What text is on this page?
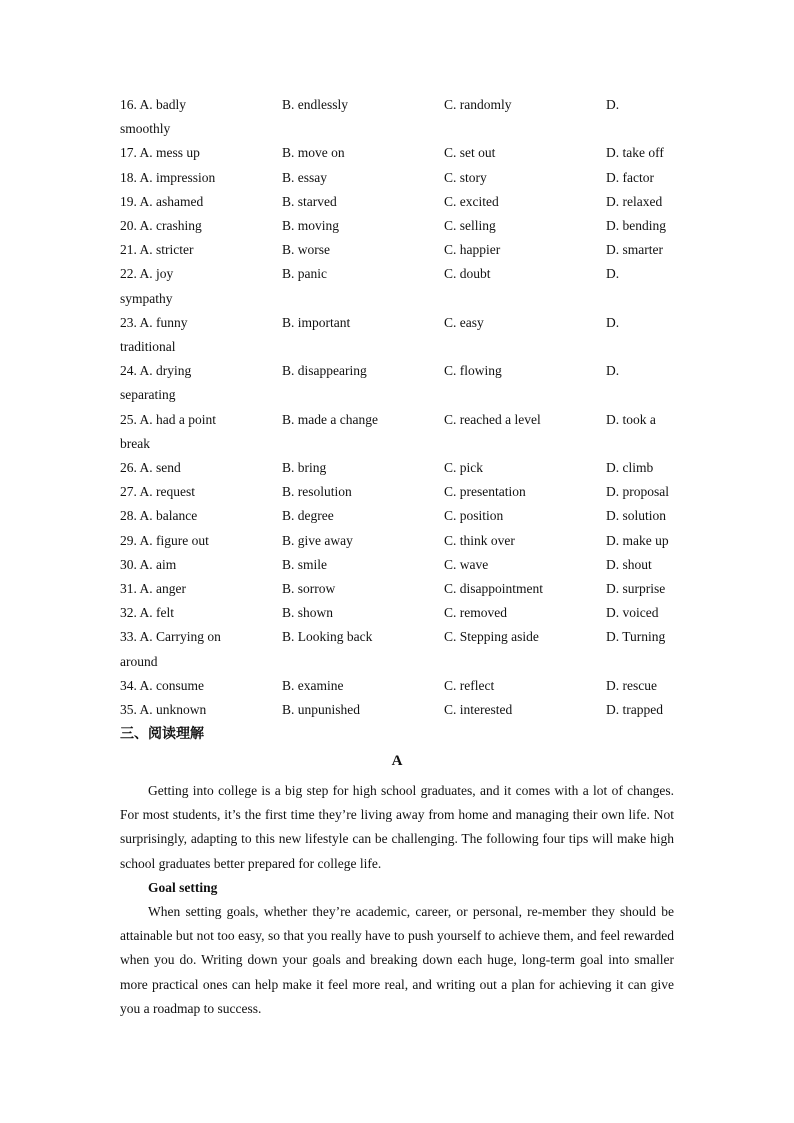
16. A. badly	B. endlessly	C. randomly	D.
smoothly
17. A. mess up	B. move on	C. set out	D. take off
18. A. impression	B. essay	C. story	D. factor
19. A. ashamed	B. starved	C. excited	D. relaxed
20. A. crashing	B. moving	C. selling	D. bending
21. A. stricter	B. worse	C. happier	D. smarter
22. A. joy	B. panic	C. doubt	D.
sympathy
23. A. funny	B. important	C. easy	D.
traditional
24. A. drying	B. disappearing	C. flowing	D.
separating
25. A. had a point	B. made a change	C. reached a level	D. took a
break
26. A. send	B. bring	C. pick	D. climb
27. A. request	B. resolution	C. presentation	D. proposal
28. A. balance	B. degree	C. position	D. solution
29. A. figure out	B. give away	C. think over	D. make up
30. A. aim	B. smile	C. wave	D. shout
31. A. anger	B. sorrow	C. disappointment	D. surprise
32. A. felt	B. shown	C. removed	D. voiced
33. A. Carrying on	B. Looking back	C. Stepping aside	D. Turning
around
34. A. consume	B. examine	C. reflect	D. rescue
35. A. unknown	B. unpunished	C. interested	D. trapped
三、阅读理解
A

Getting into college is a big step for high school graduates, and it comes with a lot of changes. For most students, it’s the first time they’re living away from home and managing their own life. Not surprisingly, adapting to this new lifestyle can be challenging. The following four tips will make high school graduates better prepared for college life.

Goal setting

When setting goals, whether they’re academic, career, or personal, re-member they should be attainable but not too easy, so that you really have to push yourself to achieve them, and feel rewarded when you do. Writing down your goals and breaking down each huge, long-term goal into smaller more practical ones can help make it feel more real, and writing out a plan for achieving it can give you a roadmap to success.
